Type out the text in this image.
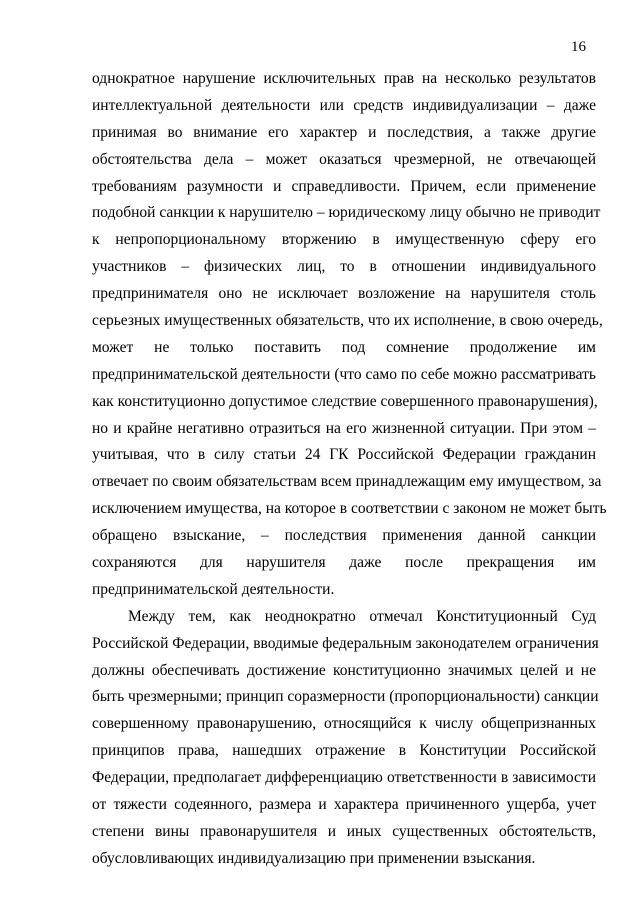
16
однократное нарушение исключительных прав на несколько результатов
интеллектуальной деятельности или средств индивидуализации – даже
принимая во внимание его характер и последствия, а также другие
обстоятельства дела – может оказаться чрезмерной, не отвечающей
требованиям разумности и справедливости. Причем, если применение
подобной санкции к нарушителю – юридическому лицу обычно не приводит
к непропорциональному вторжению в имущественную сферу его
участников – физических лиц, то в отношении индивидуального
предпринимателя оно не исключает возложение на нарушителя столь
серьезных имущественных обязательств, что их исполнение, в свою очередь,
может не только поставить под сомнение продолжение им
предпринимательской деятельности (что само по себе можно рассматривать
как конституционно допустимое следствие совершенного правонарушения),
но и крайне негативно отразиться на его жизненной ситуации. При этом –
учитывая, что в силу статьи 24 ГК Российской Федерации гражданин
отвечает по своим обязательствам всем принадлежащим ему имуществом, за
исключением имущества, на которое в соответствии с законом не может быть
обращено взыскание, – последствия применения данной санкции
сохраняются для нарушителя даже после прекращения им
предпринимательской деятельности.
Между тем, как неоднократно отмечал Конституционный Суд
Российской Федерации, вводимые федеральным законодателем ограничения
должны обеспечивать достижение конституционно значимых целей и не
быть чрезмерными; принцип соразмерности (пропорциональности) санкции
совершенному правонарушению, относящийся к числу общепризнанных
принципов права, нашедших отражение в Конституции Российской
Федерации, предполагает дифференциацию ответственности в зависимости
от тяжести содеянного, размера и характера причиненного ущерба, учет
степени вины правонарушителя и иных существенных обстоятельств,
обусловливающих индивидуализацию при применении взыскания.
